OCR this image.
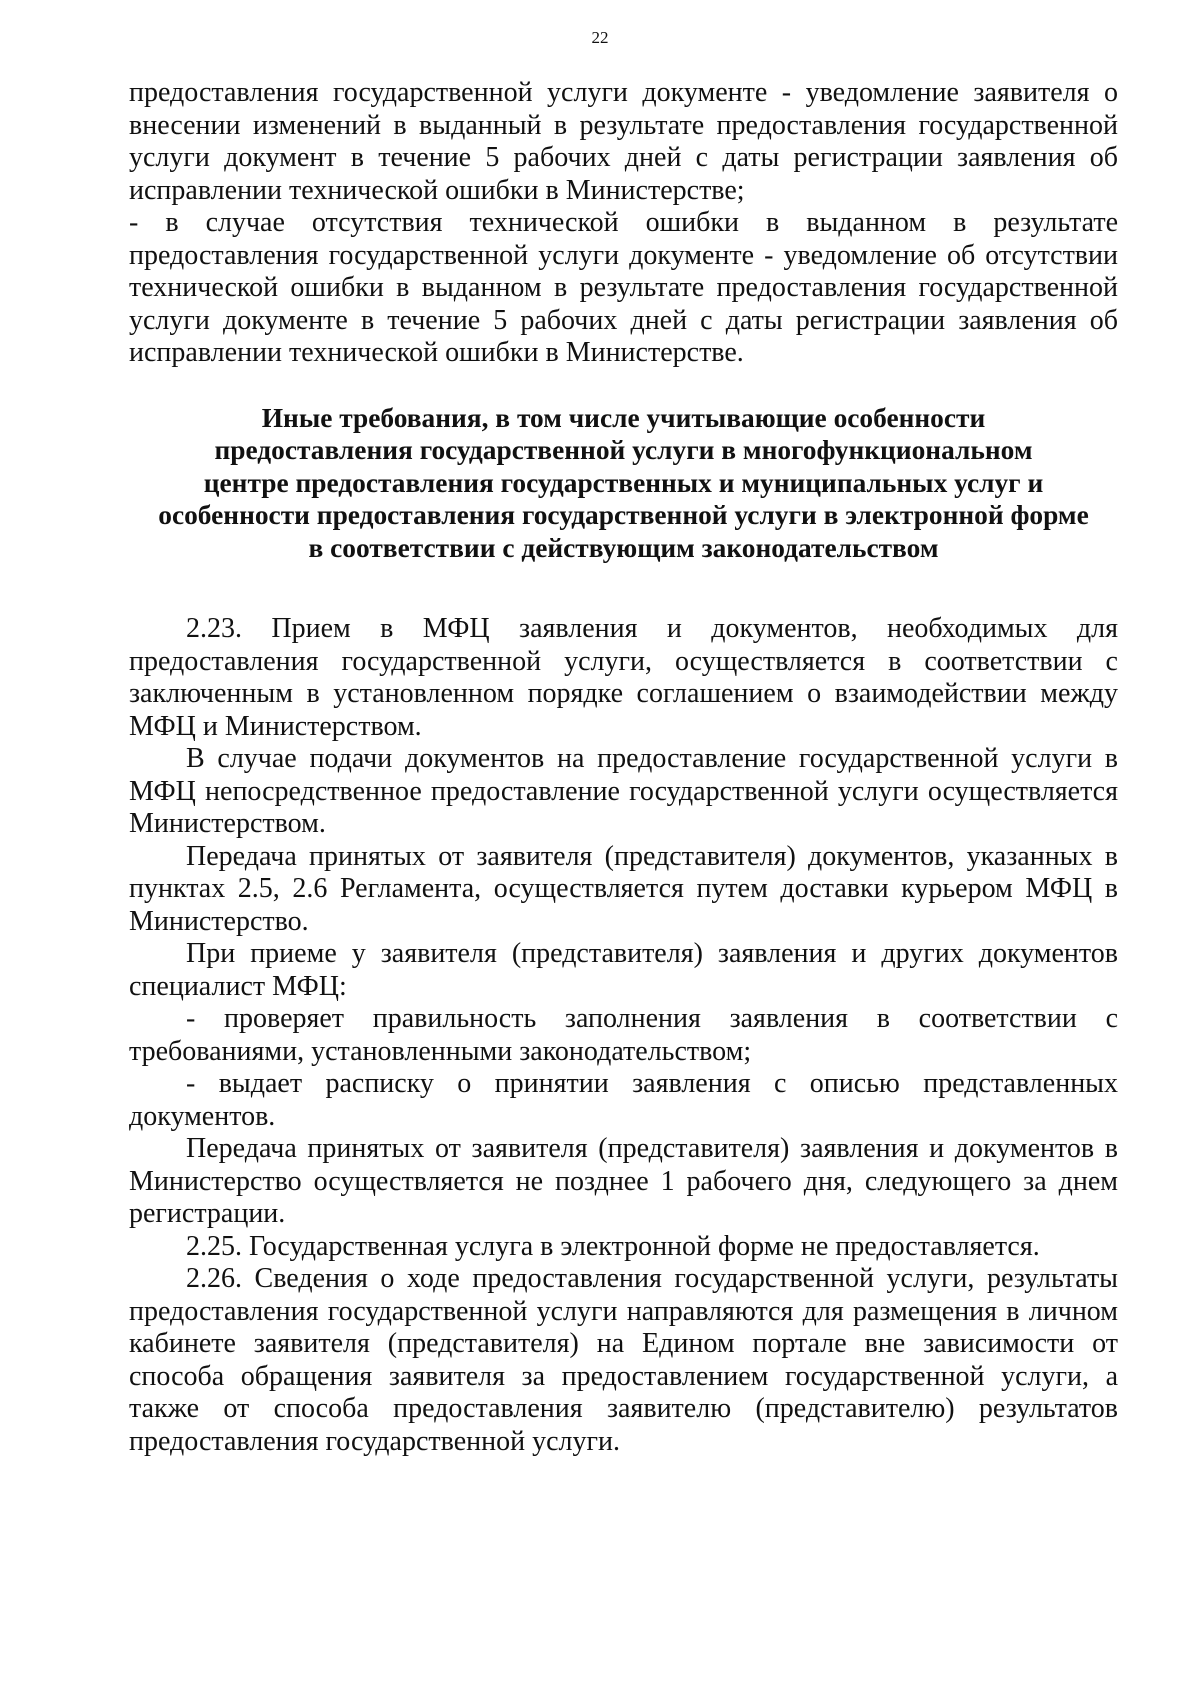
22

предоставления государственной услуги документе - уведомление заявителя о внесении изменений в выданный в результате предоставления государственной услуги документ в течение 5 рабочих дней с даты регистрации заявления об исправлении технической ошибки в Министерстве;

- в случае отсутствия технической ошибки в выданном в результате предоставления государственной услуги документе - уведомление об отсутствии технической ошибки в выданном в результате предоставления государственной услуги документе в течение 5 рабочих дней с даты регистрации заявления об исправлении технической ошибки в Министерстве.

Иные требования, в том числе учитывающие особенности
предоставления государственной услуги в многофункциональном
центре предоставления государственных и муниципальных услуг и
особенности предоставления государственной услуги в электронной форме
в соответствии с действующим законодательством

2.23. Прием в МФЦ заявления и документов, необходимых для предоставления государственной услуги, осуществляется в соответствии с заключенным в установленном порядке соглашением о взаимодействии между МФЦ и Министерством.

В случае подачи документов на предоставление государственной услуги в МФЦ непосредственное предоставление государственной услуги осуществляется Министерством.

Передача принятых от заявителя (представителя) документов, указанных в пунктах 2.5, 2.6 Регламента, осуществляется путем доставки курьером МФЦ в Министерство.

При приеме у заявителя (представителя) заявления и других документов специалист МФЦ:

- проверяет правильность заполнения заявления в соответствии с требованиями, установленными законодательством;

- выдает расписку о принятии заявления с описью представленных документов.

Передача принятых от заявителя (представителя) заявления и документов в Министерство осуществляется не позднее 1 рабочего дня, следующего за днем регистрации.

2.25. Государственная услуга в электронной форме не предоставляется.

2.26. Сведения о ходе предоставления государственной услуги, результаты предоставления государственной услуги направляются для размещения в личном кабинете заявителя (представителя) на Едином портале вне зависимости от способа обращения заявителя за предоставлением государственной услуги, а также от способа предоставления заявителю (представителю) результатов предоставления государственной услуги.
